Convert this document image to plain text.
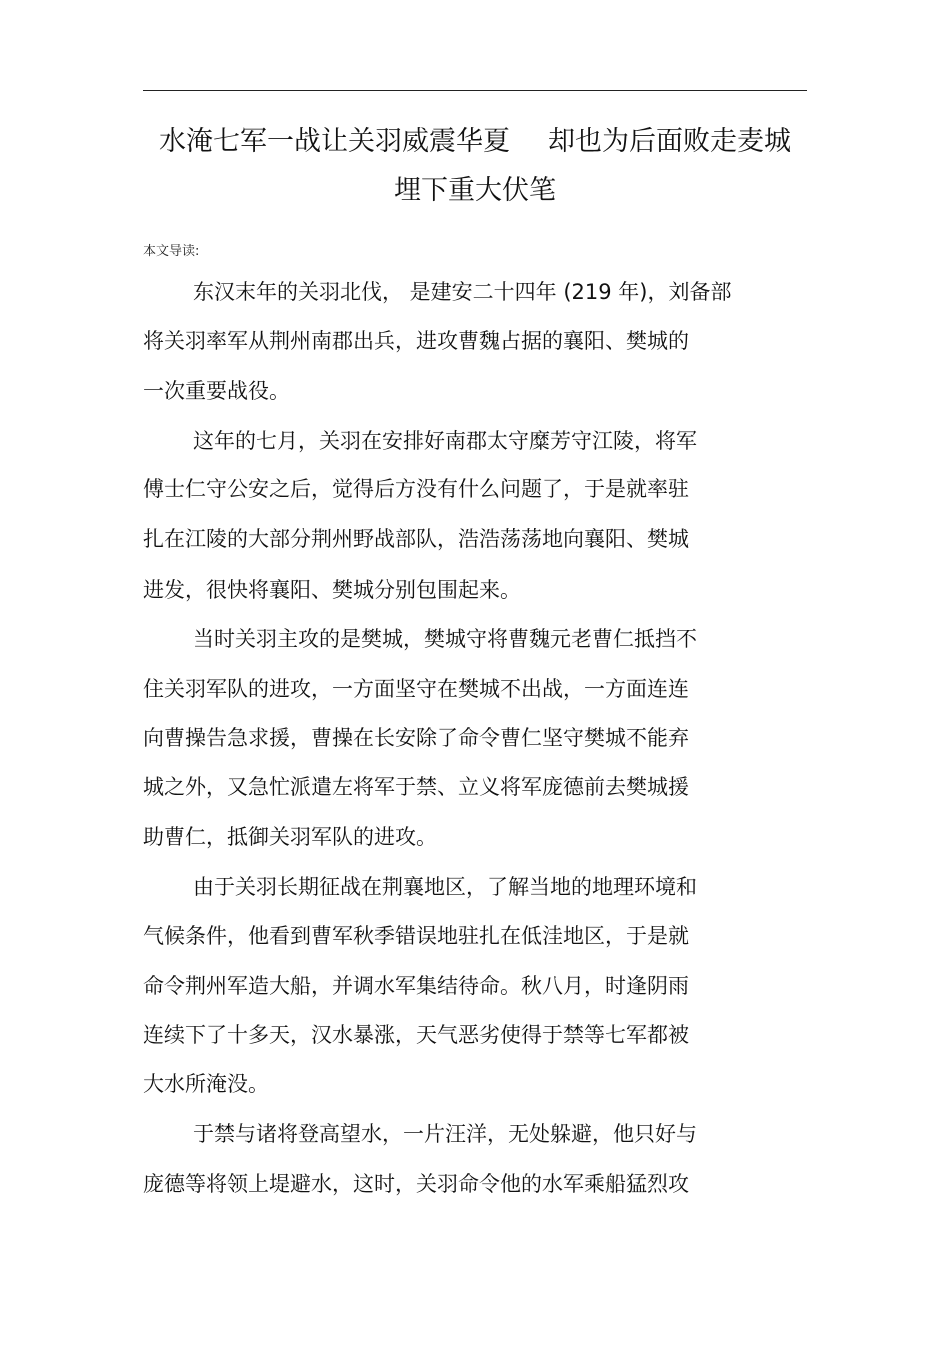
水淹七军一战让关羽威震华夏 却也为后面败走麦城
埋下重大伏笔
本文导读:
东汉末年的关羽北伐， 是建安二十四年 (219 年)，刘备部
将关羽率军从荆州南郡出兵，进攻曹魏占据的襄阳、樊城的
一次重要战役。
这年的七月，关羽在安排好南郡太守糜芳守江陵，将军
傅士仁守公安之后，觉得后方没有什么问题了，于是就率驻
扎在江陵的大部分荆州野战部队，浩浩荡荡地向襄阳、樊城
进发，很快将襄阳、樊城分别包围起来。
当时关羽主攻的是樊城，樊城守将曹魏元老曹仁抵挡不
住关羽军队的进攻，一方面坚守在樊城不出战，一方面连连
向曹操告急求援，曹操在长安除了命令曹仁坚守樊城不能弃
城之外，又急忙派遣左将军于禁、立义将军庞德前去樊城援
助曹仁，抵御关羽军队的进攻。
由于关羽长期征战在荆襄地区，了解当地的地理环境和
气候条件，他看到曹军秋季错误地驻扎在低洼地区，于是就
命令荆州军造大船，并调水军集结待命。秋八月，时逢阴雨
连续下了十多天，汉水暴涨，天气恶劣使得于禁等七军都被
大水所淹没。
于禁与诸将登高望水，一片汪洋，无处躲避，他只好与
庞德等将领上堤避水，这时，关羽命令他的水军乘船猛烈攻
